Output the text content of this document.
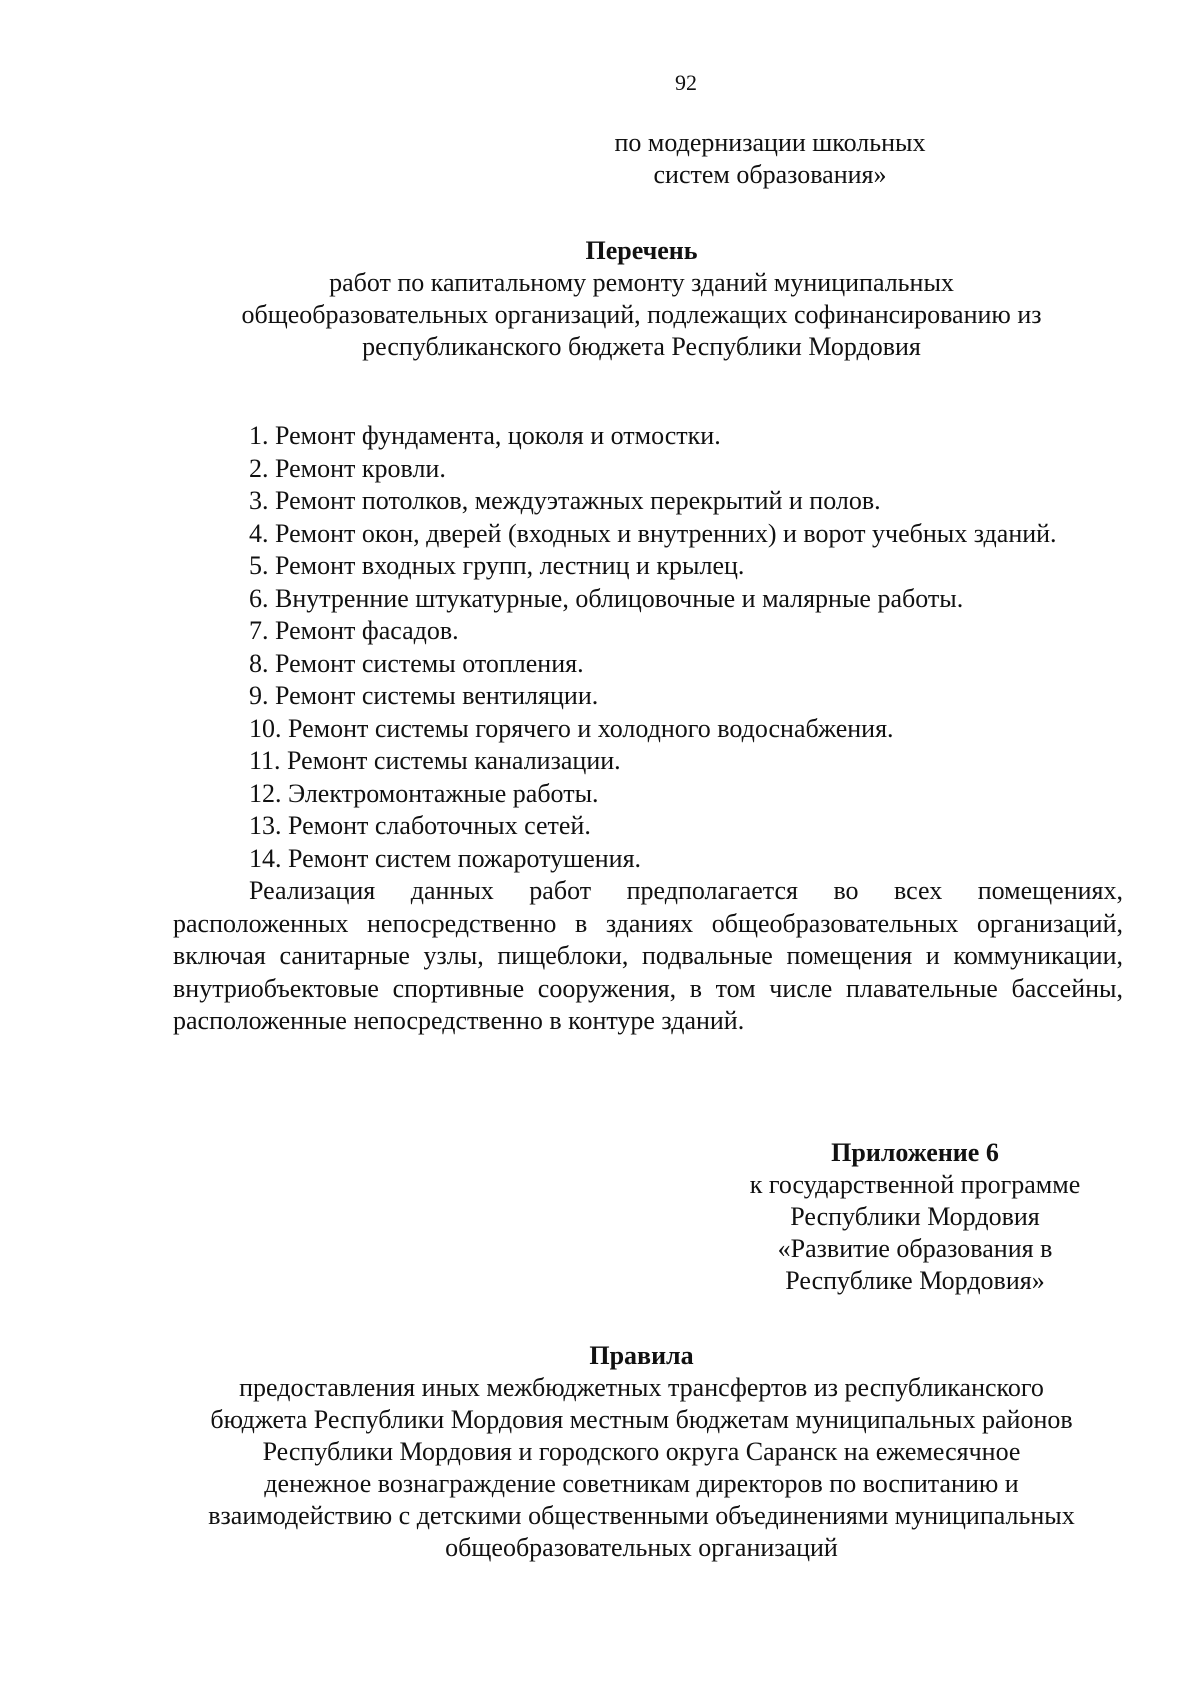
92
по модернизации школьных
систем образования»
Перечень
работ по капитальному ремонту зданий муниципальных
общеобразовательных организаций, подлежащих софинансированию из
республиканского бюджета Республики Мордовия
1. Ремонт фундамента, цоколя и отмостки.
2. Ремонт кровли.
3. Ремонт потолков, междуэтажных перекрытий и полов.
4. Ремонт окон, дверей (входных и внутренних) и ворот учебных зданий.
5. Ремонт входных групп, лестниц и крылец.
6. Внутренние штукатурные, облицовочные и малярные работы.
7. Ремонт фасадов.
8. Ремонт системы отопления.
9. Ремонт системы вентиляции.
10. Ремонт системы горячего и холодного водоснабжения.
11. Ремонт системы канализации.
12. Электромонтажные работы.
13. Ремонт слаботочных сетей.
14. Ремонт систем пожаротушения.

Реализация данных работ предполагается во всех помещениях, расположенных непосредственно в зданиях общеобразовательных организаций, включая санитарные узлы, пищеблоки, подвальные помещения и коммуникации, внутриобъектовые спортивные сооружения, в том числе плавательные бассейны, расположенные непосредственно в контуре зданий.

Приложение 6
к государственной программе
Республики Мордовия
«Развитие образования в
Республике Мордовия»
Правила
предоставления иных межбюджетных трансфертов из республиканского
бюджета Республики Мордовия местным бюджетам муниципальных районов
Республики Мордовия и городского округа Саранск на ежемесячное
денежное вознаграждение советникам директоров по воспитанию и
взаимодействию с детскими общественными объединениями муниципальных
общеобразовательных организаций
